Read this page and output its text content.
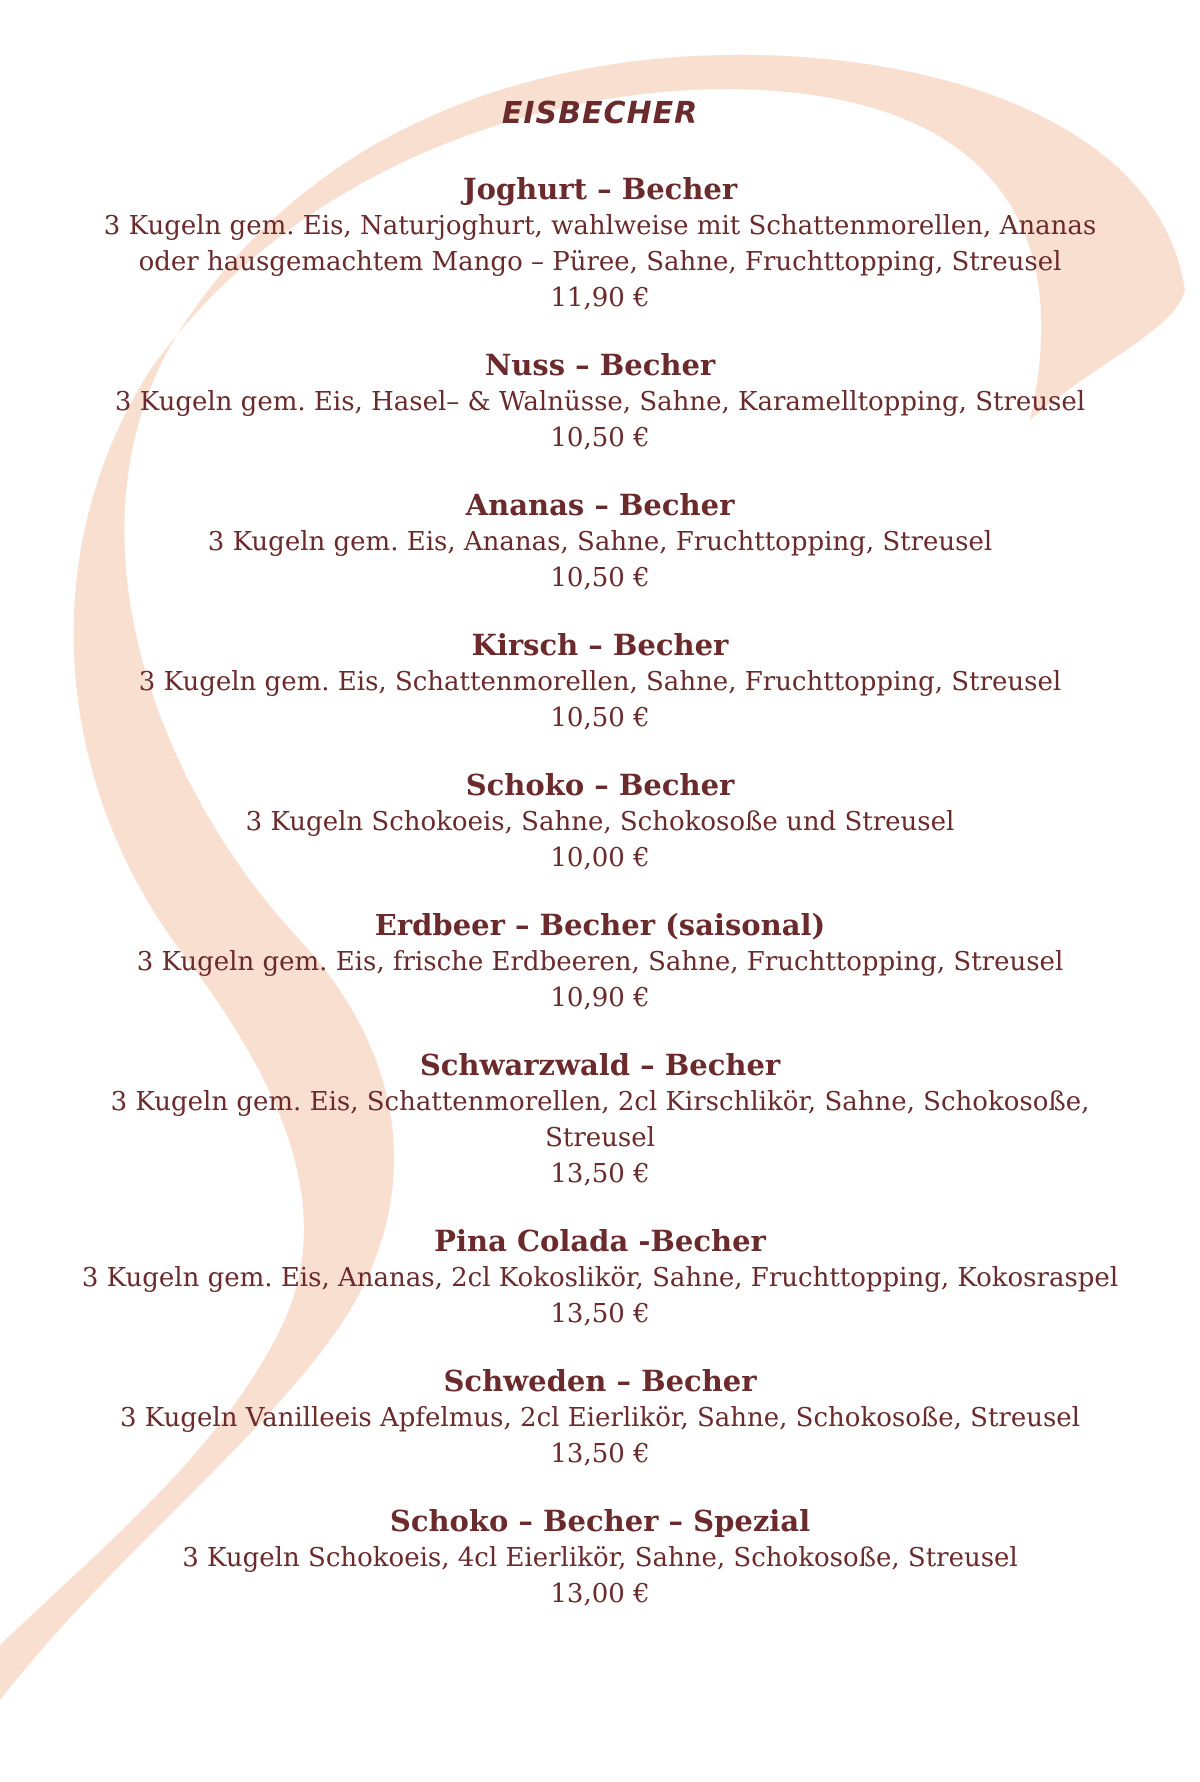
EISBECHER
Joghurt – Becher
3 Kugeln gem. Eis, Naturjoghurt, wahlweise mit Schattenmorellen, Ananas oder hausgemachtem Mango – Püree, Sahne, Fruchttopping, Streusel
11,90 €
Nuss – Becher
3 Kugeln gem. Eis, Hasel– & Walnüsse, Sahne, Karamelltopping, Streusel
10,50 €
Ananas – Becher
3 Kugeln gem. Eis, Ananas, Sahne, Fruchttopping, Streusel
10,50 €
Kirsch – Becher
3 Kugeln gem. Eis, Schattenmorellen, Sahne, Fruchttopping, Streusel
10,50 €
Schoko – Becher
3 Kugeln Schokoeis, Sahne, Schokosoße und Streusel
10,00 €
Erdbeer – Becher (saisonal)
3 Kugeln gem. Eis, frische Erdbeeren, Sahne, Fruchttopping, Streusel
10,90 €
Schwarzwald – Becher
3 Kugeln gem. Eis, Schattenmorellen, 2cl Kirschlikör, Sahne, Schokosoße, Streusel
13,50 €
Pina Colada -Becher
3 Kugeln gem. Eis, Ananas, 2cl Kokoslikör, Sahne, Fruchttopping, Kokosraspel
13,50 €
Schweden – Becher
3 Kugeln Vanilleeis Apfelmus, 2cl Eierlikör, Sahne, Schokosoße, Streusel
13,50 €
Schoko – Becher – Spezial
3 Kugeln Schokoeis, 4cl Eierlikör, Sahne, Schokosoße, Streusel
13,00 €
